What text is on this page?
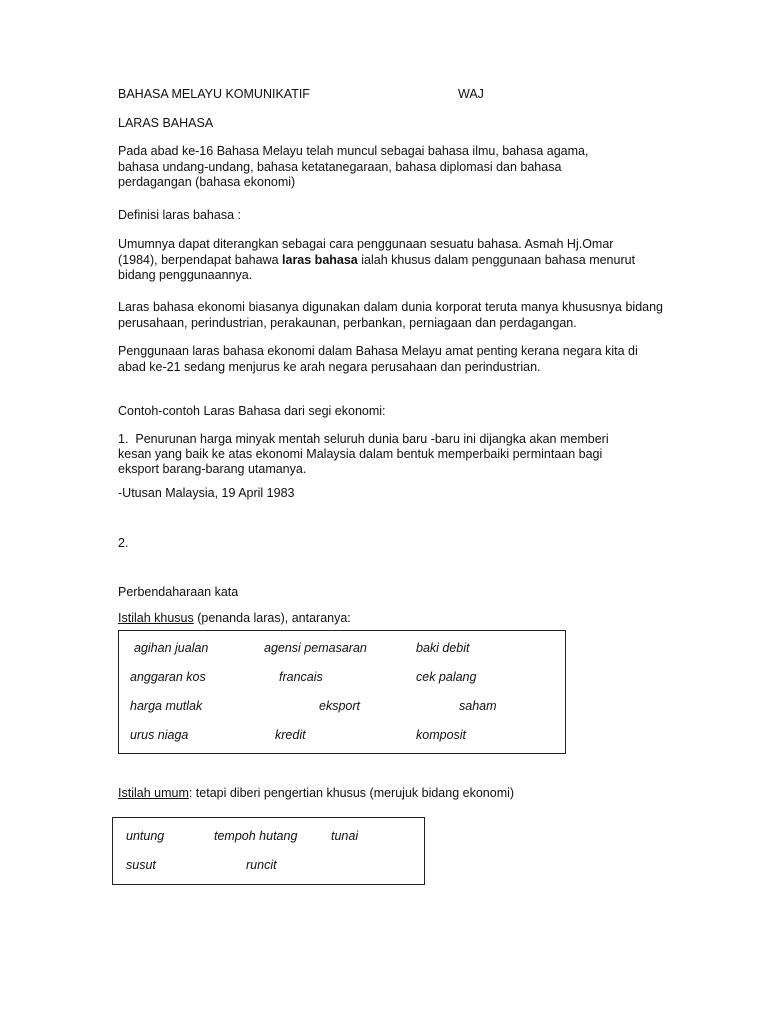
BAHASA MELAYU KOMUNIKATIF	WAJ

LARAS BAHASA

Pada abad ke-16 Bahasa Melayu telah muncul sebagai bahasa ilmu, bahasa agama, bahasa undang-undang, bahasa ketatanegaraan, bahasa diplomasi dan bahasa perdagangan (bahasa ekonomi)

Definisi laras bahasa :

Umumnya dapat diterangkan sebagai cara penggunaan sesuatu bahasa. Asmah Hj.Omar (1984), berpendapat bahawa laras bahasa ialah khusus dalam penggunaan bahasa menurut bidang penggunaannya.

Laras bahasa ekonomi biasanya digunakan dalam dunia korporat teruta manya khususnya bidang perusahaan, perindustrian, perakaunan, perbankan, perniagaan dan perdagangan.

Penggunaan laras bahasa ekonomi dalam Bahasa Melayu amat penting kerana negara kita di abad ke-21 sedang menjurus ke arah negara perusahaan dan perindustrian.

Contoh-contoh Laras Bahasa dari segi ekonomi:

1. Penurunan harga minyak mentah seluruh dunia baru -baru ini dijangka akan memberi kesan yang baik ke atas ekonomi Malaysia dalam bentuk memperbaiki permintaan bagi eksport barang-barang utamanya.

-Utusan Malaysia, 19 April 1983

2.

Perbendaharaan kata

Istilah khusus (penanda laras), antaranya:

agihan jualan	agensi pemasaran	baki debit
anggaran kos	francais	cek palang
harga mutlak	eksport	saham
urus niaga	kredit	komposit

Istilah umum: tetapi diberi pengertian khusus (merujuk bidang ekonomi)

untung	tempoh hutang	tunai
susut	runcit
